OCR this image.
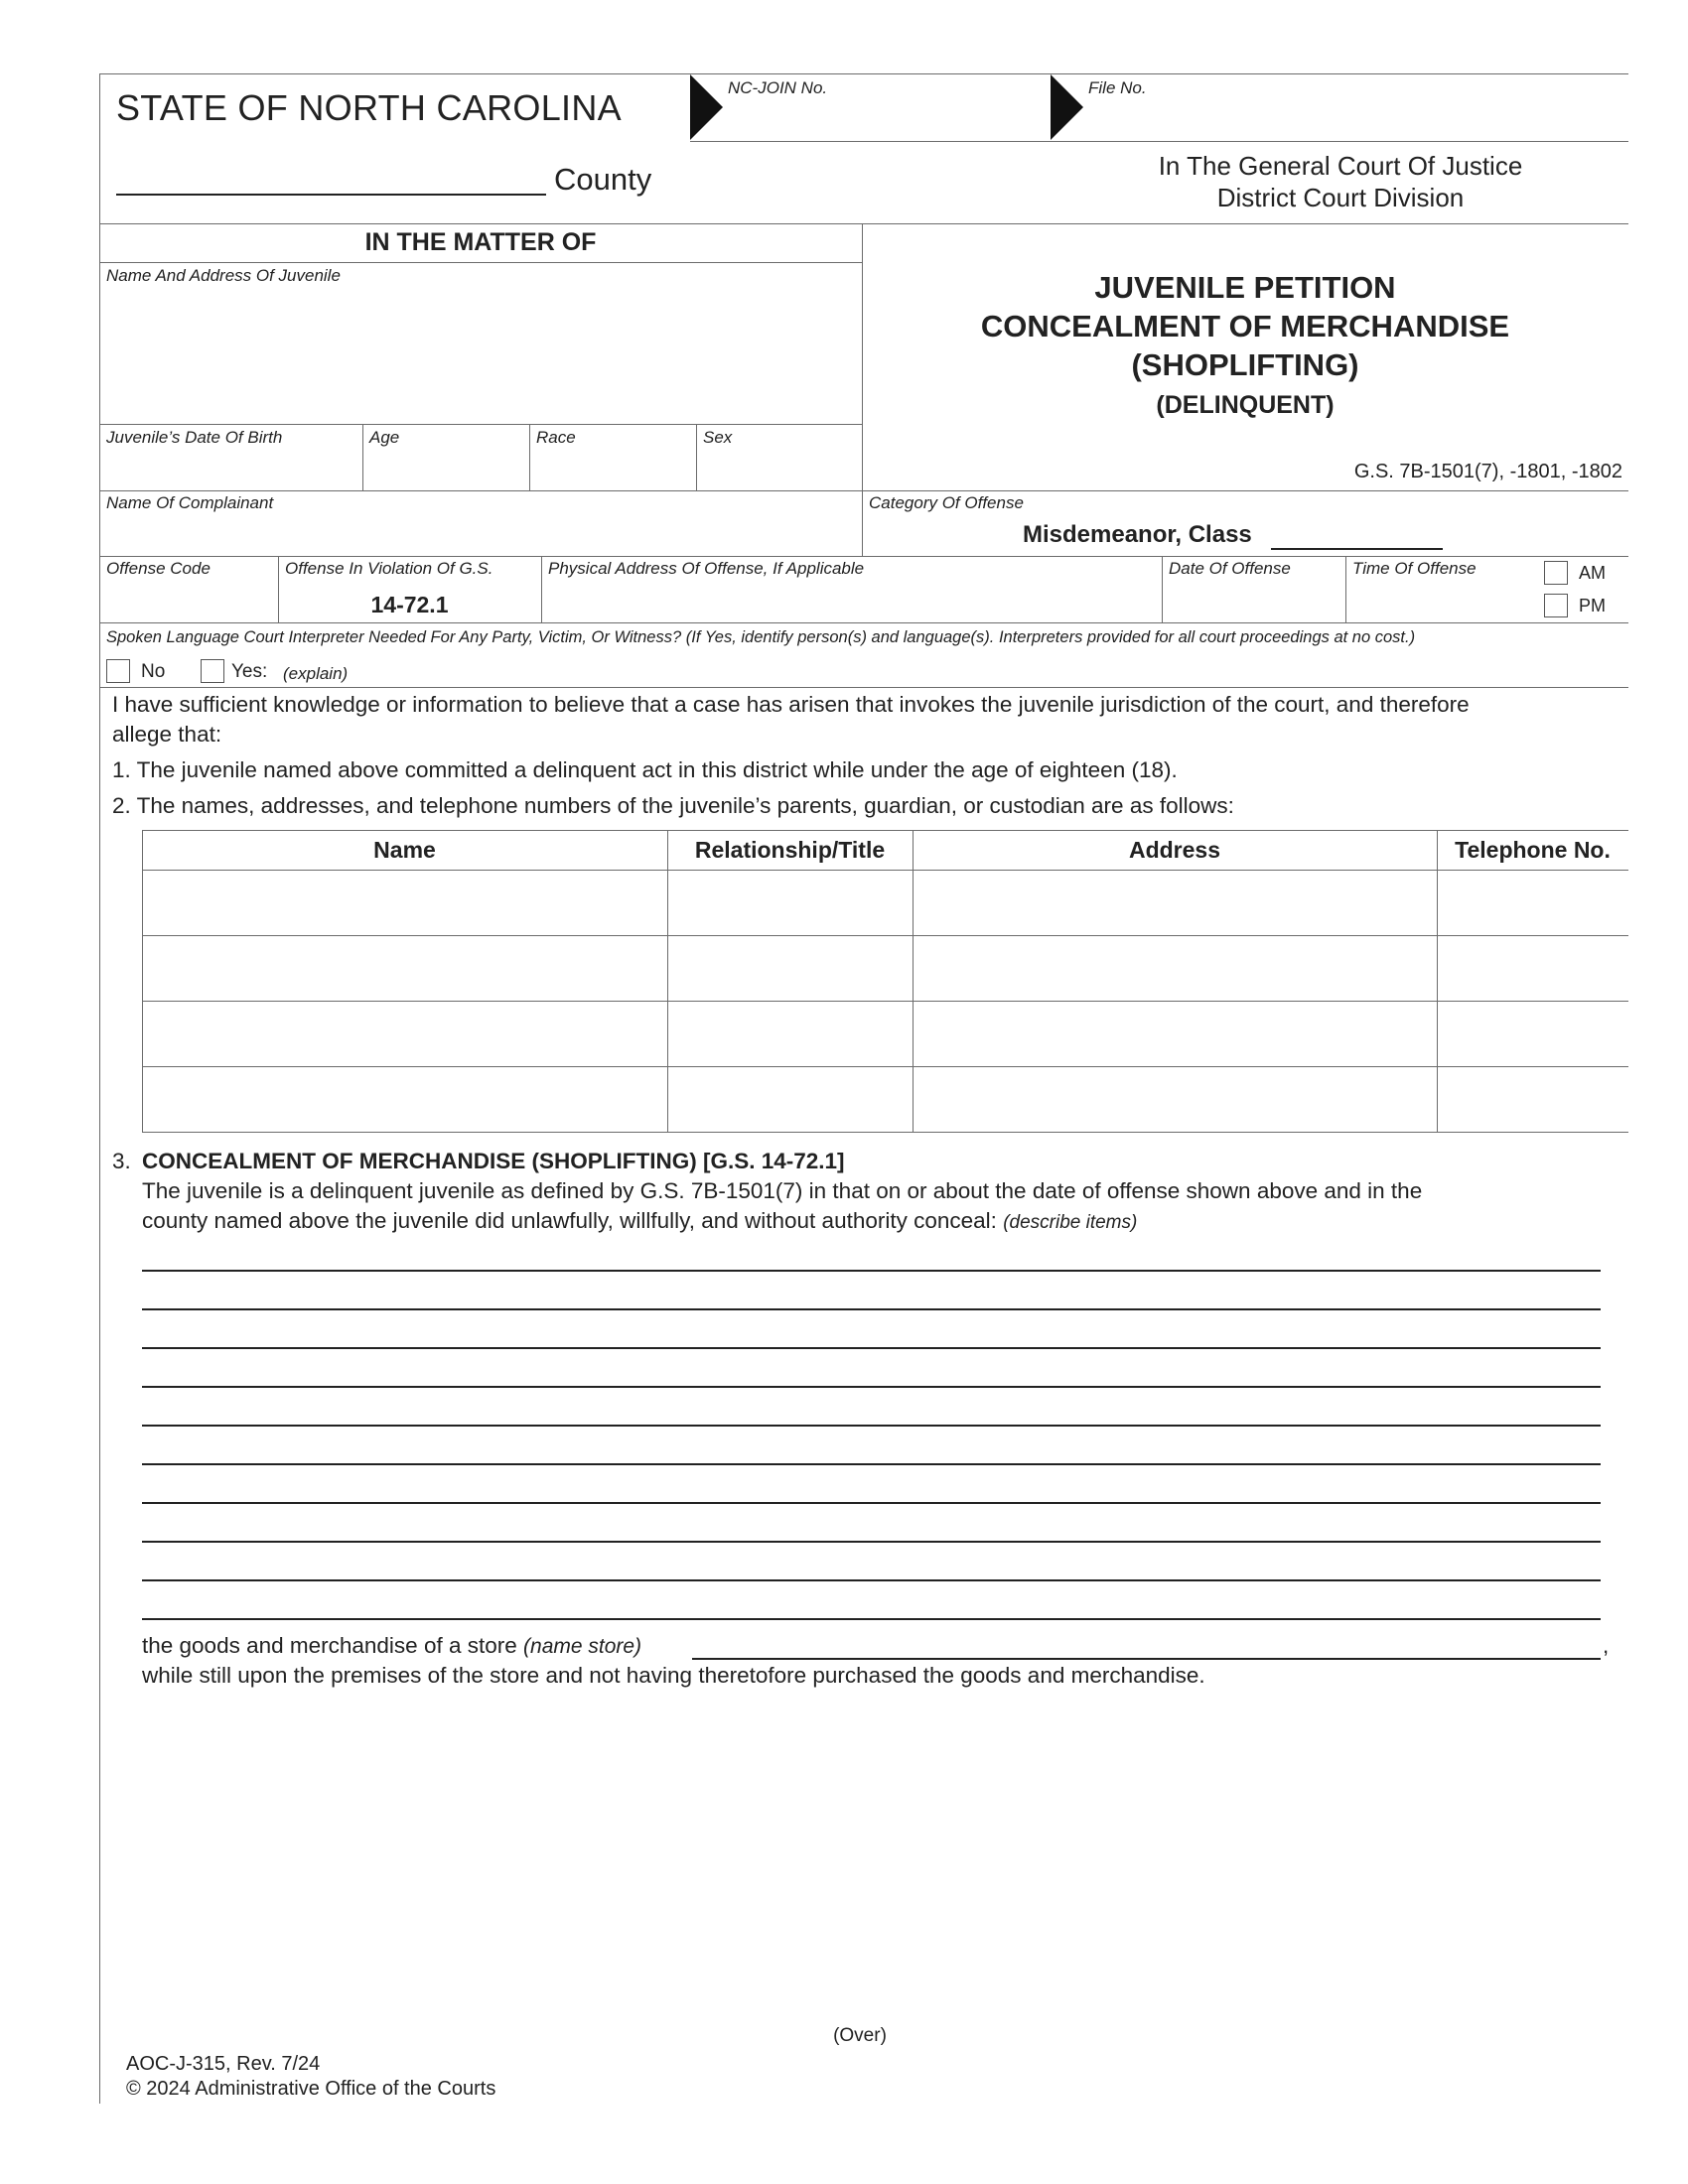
STATE OF NORTH CAROLINA	NC-JOIN No.	File No.
County	In The General Court Of Justice
District Court Division
IN THE MATTER OF
Name And Address Of Juvenile
Juvenile’s Date Of Birth	Age	Race	Sex
Name Of Complainant
JUVENILE PETITION
CONCEALMENT OF MERCHANDISE
(SHOPLIFTING)
(DELINQUENT)
G.S. 7B-1501(7), -1801, -1802
Category Of Offense
Misdemeanor, Class
Offense Code	Offense In Violation Of G.S.
14-72.1
Physical Address Of Offense, If Applicable	Date Of Offense	Time Of Offense	AM
PM
Spoken Language Court Interpreter Needed For Any Party, Victim, Or Witness? (If Yes, identify person(s) and language(s). Interpreters provided for all court proceedings at no cost.)
No	Yes: (explain)
I have sufficient knowledge or information to believe that a case has arisen that invokes the juvenile jurisdiction of the court, and therefore
allege that:
1. The juvenile named above committed a delinquent act in this district while under the age of eighteen (18).
2. The names, addresses, and telephone numbers of the juvenile’s parents, guardian, or custodian are as follows:
Name	Relationship/Title	Address	Telephone No.
3. CONCEALMENT OF MERCHANDISE (SHOPLIFTING) [G.S. 14-72.1]
The juvenile is a delinquent juvenile as defined by G.S. 7B-1501(7) in that on or about the date of offense shown above and in the
county named above the juvenile did unlawfully, willfully, and without authority conceal: (describe items)
the goods and merchandise of a store (name store)	,
while still upon the premises of the store and not having theretofore purchased the goods and merchandise.
(Over)
AOC-J-315, Rev. 7/24
© 2024 Administrative Office of the Courts
